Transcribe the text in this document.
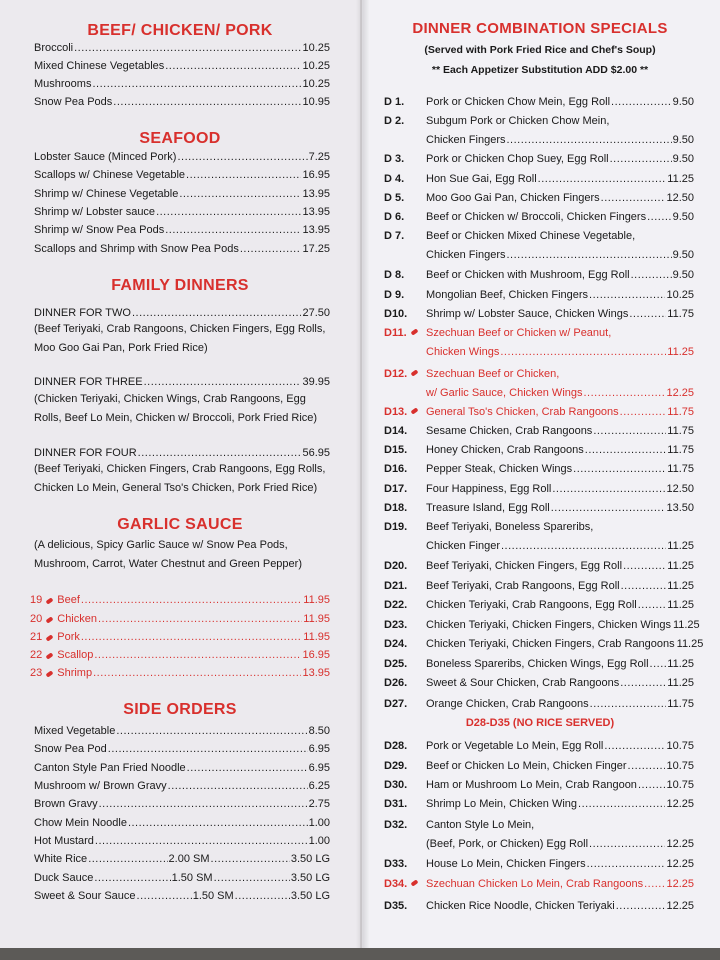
BEEF/ CHICKEN/ PORK
Broccoli .....	10.25
Mixed Chinese Vegetables .....	10.25
Mushrooms .....	10.25
Snow Pea Pods .....	10.95
SEAFOOD
Lobster Sauce (Minced Pork) .....	7.25
Scallops w/ Chinese Vegetable .....	16.95
Shrimp w/ Chinese Vegetable .....	13.95
Shrimp w/ Lobster sauce .....	13.95
Shrimp w/ Snow Pea Pods .....	13.95
Scallops and Shrimp with Snow Pea Pods .....	17.25
FAMILY DINNERS
DINNER FOR TWO .....	27.50
(Beef Teriyaki, Crab Rangoons, Chicken Fingers, Egg Rolls, Moo Goo Gai Pan, Pork Fried Rice)
DINNER FOR THREE .....	39.95
(Chicken Teriyaki, Chicken Wings, Crab Rangoons, Egg Rolls, Beef Lo Mein, Chicken w/ Broccoli, Pork Fried Rice)
DINNER FOR FOUR .....	56.95
(Beef Teriyaki, Chicken Fingers, Crab Rangoons, Egg Rolls, Chicken Lo Mein, General Tso's Chicken, Pork Fried Rice)
GARLIC SAUCE
(A delicious, Spicy Garlic Sauce w/ Snow Pea Pods, Mushroom, Carrot, Water Chestnut and Green Pepper)
19 Beef .....	11.95
20 Chicken .....	11.95
21 Pork .....	11.95
22 Scallop .....	16.95
23 Shrimp .....	13.95
SIDE ORDERS
Mixed Vegetable .....	8.50
Snow Pea Pod .....	6.95
Canton Style Pan Fried Noodle .....	6.95
Mushroom w/ Brown Gravy .....	6.25
Brown Gravy .....	2.75
Chow Mein Noodle .....	1.00
Hot Mustard .....	1.00
White Rice .....	2.00 SM .....	3.50 LG
Duck Sauce .....	1.50 SM .....	3.50 LG
Sweet & Sour Sauce .....	1.50 SM .....	3.50 LG
DINNER COMBINATION SPECIALS
(Served with Pork Fried Rice and Chef's Soup)
** Each Appetizer Substitution ADD $2.00 **
D 1. Pork or Chicken Chow Mein, Egg Roll .....	9.50
D 2. Subgum Pork or Chicken Chow Mein,
Chicken Fingers .....	9.50
D 3. Pork or Chicken Chop Suey, Egg Roll .....	9.50
D 4. Hon Sue Gai, Egg Roll .....	11.25
D 5. Moo Goo Gai Pan, Chicken Fingers .....	12.50
D 6. Beef or Chicken w/ Broccoli, Chicken Fingers ..... 9.50
D 7. Beef or Chicken Mixed Chinese Vegetable,
Chicken Fingers .....	9.50
D 8. Beef or Chicken with Mushroom, Egg Roll .....	9.50
D 9. Mongolian Beef, Chicken Fingers .....	10.25
D10. Shrimp w/ Lobster Sauce, Chicken Wings .....	11.75
D11.	Szechuan Beef or Chicken w/ Peanut,
Chicken Wings .....	11.25
D12.	Szechuan Beef or Chicken,
w/ Garlic Sauce, Chicken Wings .....	12.25
D13.	General Tso's Chicken, Crab Rangoons .....	11.75
D14. Sesame Chicken, Crab Rangoons .....	11.75
D15. Honey Chicken, Crab Rangoons .....	11.75
D16. Pepper Steak, Chicken Wings .....	11.75
D17. Four Happiness, Egg Roll .....	12.50
D18. Treasure Island, Egg Roll .....	13.50
D19. Beef Teriyaki, Boneless Spareribs,
Chicken Finger .....	11.25
D20. Beef Teriyaki, Chicken Fingers, Egg Roll .....	11.25
D21. Beef Teriyaki, Crab Rangoons, Egg Roll .....	11.25
D22. Chicken Teriyaki, Crab Rangoons, Egg Roll .....	11.25
D23. Chicken Teriyaki, Chicken Fingers, Chicken Wings 11.25
D24. Chicken Teriyaki, Chicken Fingers, Crab Rangoons 11.25
D25. Boneless Spareribs, Chicken Wings, Egg Roll ..... 11.25
D26. Sweet & Sour Chicken, Crab Rangoons .....	11.25
D27. Orange Chicken, Crab Rangoons .....	11.75
D28. Pork or Vegetable Lo Mein, Egg Roll .....	10.75
D29. Beef or Chicken Lo Mein, Chicken Finger .....	10.75
D30. Ham or Mushroom Lo Mein, Crab Rangoon .....	10.75
D31. Shrimp Lo Mein, Chicken Wing .....	12.25
D32. Canton Style Lo Mein,
(Beef, Pork, or Chicken) Egg Roll .....	12.25
D33. House Lo Mein, Chicken Fingers .....	12.25
D34.	Szechuan Chicken Lo Mein, Crab Rangoons ..... 12.25
D35. Chicken Rice Noodle, Chicken Teriyaki .....	12.25
D28-D35 (NO RICE SERVED)
